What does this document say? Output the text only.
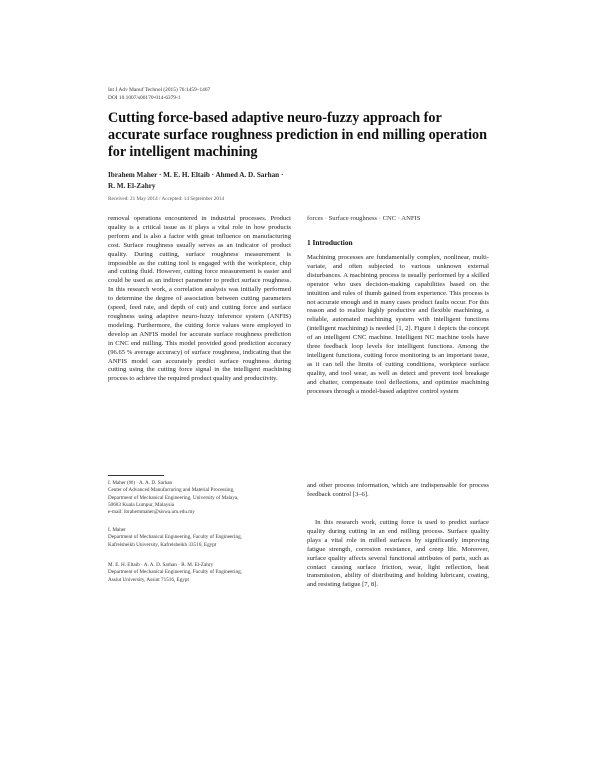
Int J Adv Manuf Technol (2015) 76:1459–1467
DOI 10.1007/s00170-014-6379-1
Cutting force-based adaptive neuro-fuzzy approach for accurate surface roughness prediction in end milling operation for intelligent machining
Ibrahem Maher · M. E. H. Eltaib · Ahmed A. D. Sarhan ·
R. M. El-Zahry
Received: 21 May 2014 / Accepted: 14 September 2014

removal operations encountered in industrial processes. Product quality is a critical issue as it plays a vital role in how products perform and is also a factor with great influence on manufacturing cost. Surface roughness usually serves as an indicator of product quality. During cutting, surface roughness measurement is impossible as the cutting tool is engaged with the workpiece, chip and cutting fluid. However, cutting force measurement is easier and could be used as an indirect parameter to predict surface roughness. In this research work, a correlation analysis was initially performed to determine the degree of association between cutting parameters (speed, feed rate, and depth of cut) and cutting force and surface roughness using adaptive neuro-fuzzy inference system (ANFIS) modeling. Furthermore, the cutting force values were employed to develop an ANFIS model for accurate surface roughness prediction in CNC end milling. This model provided good prediction accuracy (96.65 % average accuracy) of surface roughness, indicating that the ANFIS model can accurately predict surface roughness during cutting using the cutting force signal in the intelligent machining process to achieve the required product quality and productivity.

I. Maher (✉) · A. A. D. Sarhan
Center of Advanced Manufacturing and Material Processing,
Department of Mechanical Engineering, University of Malaya,
50603 Kuala Lumpur, Malaysia
e-mail: ibrahemmaher@siswa.um.edu.my
I. Maher
Department of Mechanical Engineering, Faculty of Engineering,
Kafrelsheikh University, Kafrelsheikh 33516, Egypt
M. E. H. Eltaib · A. A. D. Sarhan · R. M. El-Zahry
Department of Mechanical Engineering, Faculty of Engineering,
Assiut University, Assiut 71516, Egypt
forces · Surface roughness · CNC · ANFIS
1 Introduction

Machining processes are fundamentally complex, nonlinear, multi-variate, and often subjected to various unknown external disturbances. A machining process is usually performed by a skilled operator who uses decision-making capabilities based on the intuition and rules of thumb gained from experience. This process is not accurate enough and in many cases product faults occur. For this reason and to realize highly productive and flexible machining, a reliable, automated machining system with intelligent functions (intelligent machining) is needed [1, 2]. Figure 1 depicts the concept of an intelligent CNC machine. Intelligent NC machine tools have three feedback loop levels for intelligent functions. Among the intelligent functions, cutting force monitoring is an important issue, as it can tell the limits of cutting conditions, workpiece surface quality, and tool wear, as well as detect and prevent tool breakage and chatter, compensate tool deflections, and optimize machining processes through a model-based adaptive control system

and other process information, which are indispensable for process feedback control [3–6].

In this research work, cutting force is used to predict surface quality during cutting in an end milling process. Surface quality plays a vital role in milled surfaces by significantly improving fatigue strength, corrosion resistance, and creep life. Moreover, surface quality affects several functional attributes of parts, such as contact causing surface friction, wear, light reflection, heat transmission, ability of distributing and holding lubricant, coating, and resisting fatigue [7, 8].
